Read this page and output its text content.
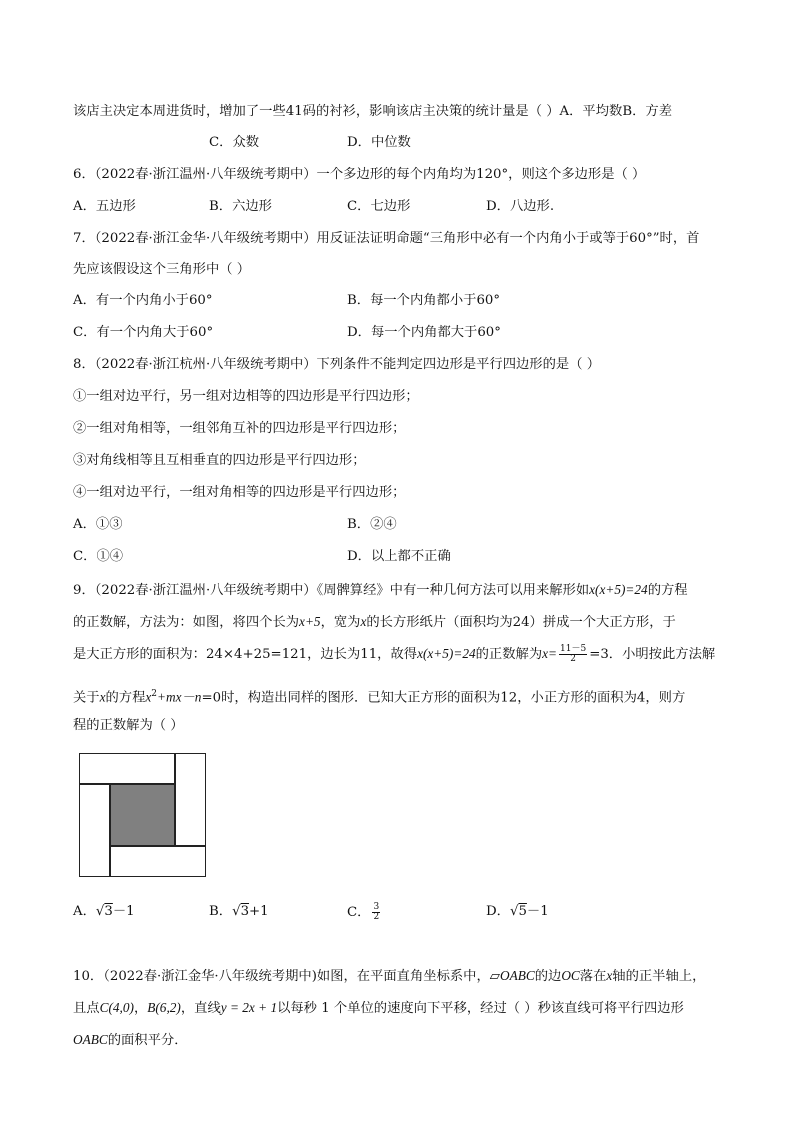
该店主决定本周进货时，增加了一些41码的衬衫，影响该店主决策的统计量是（ ）A．平均数B．方差
C．众数	D．中位数
6．（2022春·浙江温州·八年级统考期中）一个多边形的每个内角均为120°，则这个多边形是（ ）
A．五边形	B．六边形	C．七边形	D．八边形.
7．（2022春·浙江金华·八年级统考期中）用反证法证明命题“三角形中必有一个内角小于或等于60°”时，首
先应该假设这个三角形中（ ）
A．有一个内角小于60°	B．每一个内角都小于60°
C．有一个内角大于60°	D．每一个内角都大于60°
8．（2022春·浙江杭州·八年级统考期中）下列条件不能判定四边形是平行四边形的是（ ）
①一组对边平行，另一组对边相等的四边形是平行四边形；
②一组对角相等，一组邻角互补的四边形是平行四边形；
③对角线相等且互相垂直的四边形是平行四边形；
④一组对边平行，一组对角相等的四边形是平行四边形；
A．①③	B．②④
C．①④	D．以上都不正确
9．（2022春·浙江温州·八年级统考期中）《周髀算经》中有一种几何方法可以用来解形如x(x+5)=24的方程
的正数解，方法为：如图，将四个长为x+5，宽为x的长方形纸片（面积均为24）拼成一个大正方形，于
是大正方形的面积为：24×4+25=121，边长为11，故得x(x+5)=24的正数解为$x= \frac{11-5}{2} =3$．小明按此方法解
关于x的方程$x^2+mx-n=0$时，构造出同样的图形．已知大正方形的面积为12，小正方形的面积为4，则方
程的正数解为（ ）
A．√3－1	B．√3+1	C． $\frac{3}{2}$	D．√5－1
10．（2022春·浙江金华·八年级统考期中)如图，在平面直角坐标系中，▱OABC的边OC落在x轴的正半轴上，
且点C(4,0)，B(6,2)，直线y = 2x + 1以每秒 1 个单位的速度向下平移，经过（ ）秒该直线可将平行四边形
OABC的面积平分．
